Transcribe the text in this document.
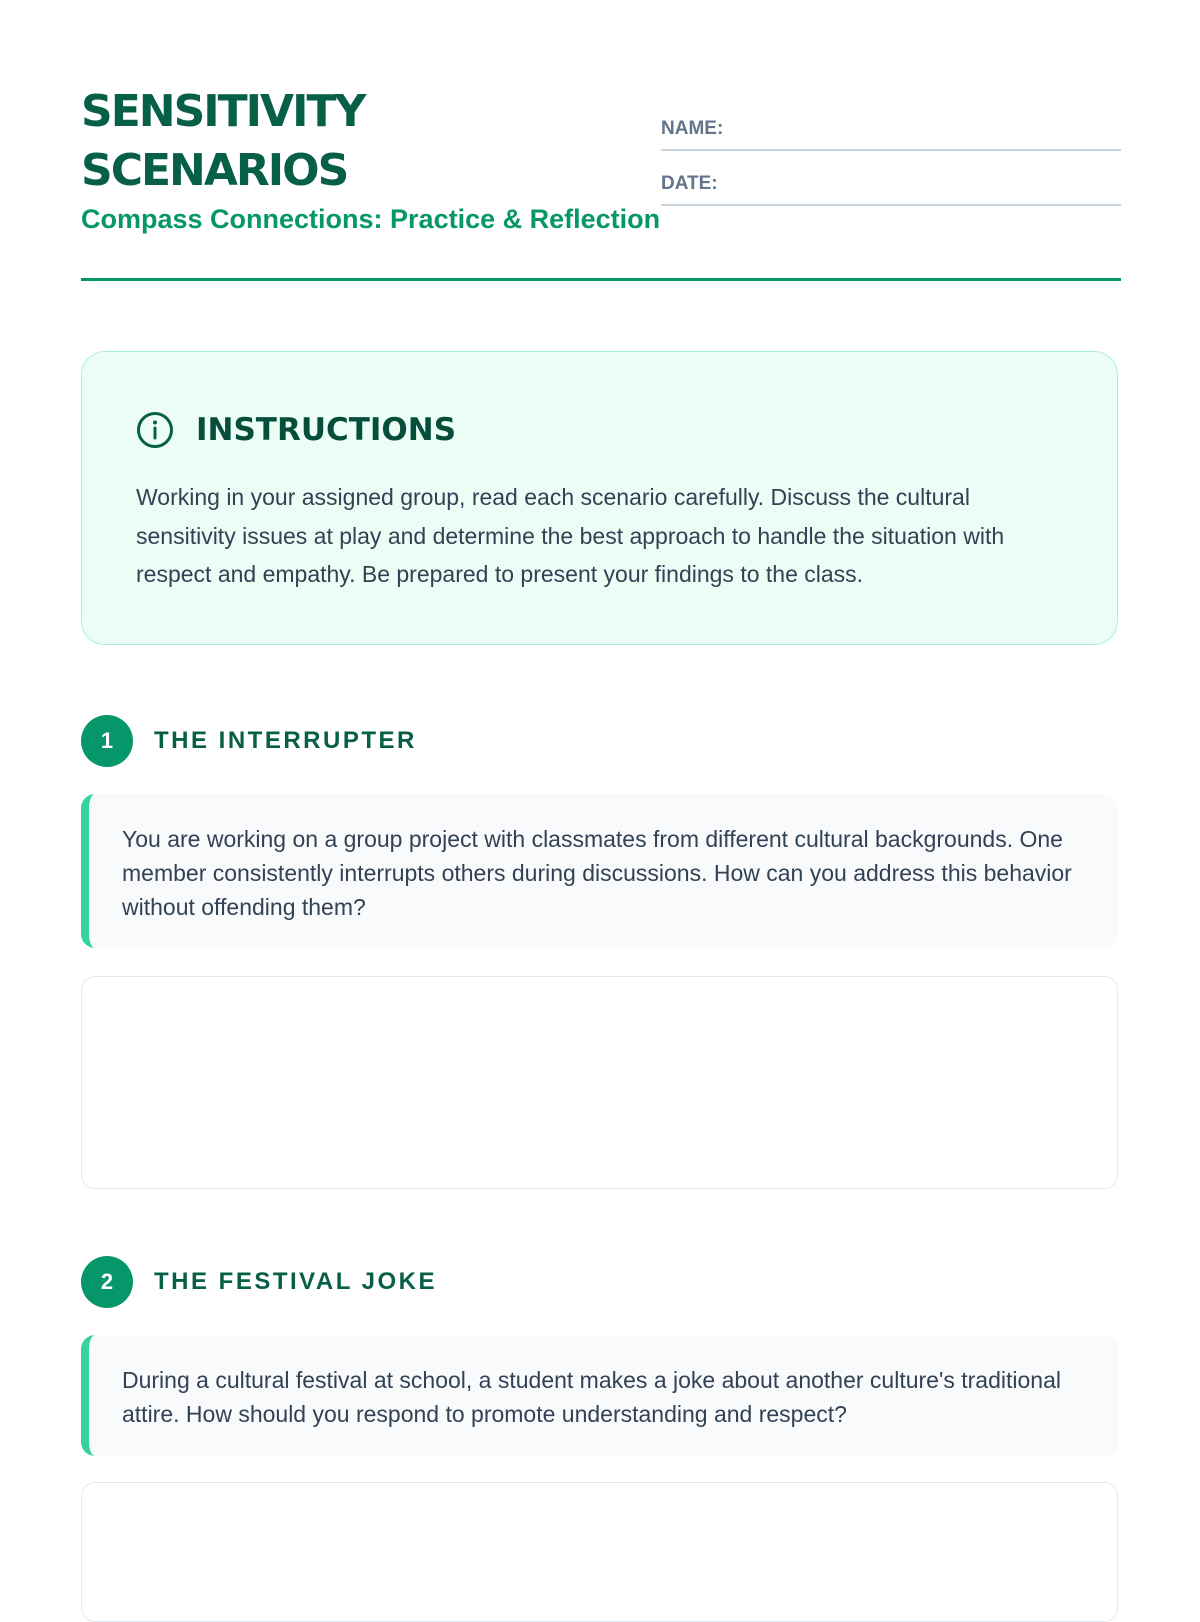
SENSITIVITY
SCENARIOS
Compass Connections: Practice & Reflection
NAME:
DATE:
INSTRUCTIONS
Working in your assigned group, read each scenario carefully. Discuss the cultural sensitivity issues at play and determine the best approach to handle the situation with respect and empathy. Be prepared to present your findings to the class.
1	THE INTERRUPTER
You are working on a group project with classmates from different cultural backgrounds. One member consistently interrupts others during discussions. How can you address this behavior without offending them?
2	THE FESTIVAL JOKE
During a cultural festival at school, a student makes a joke about another culture's traditional attire. How should you respond to promote understanding and respect?
